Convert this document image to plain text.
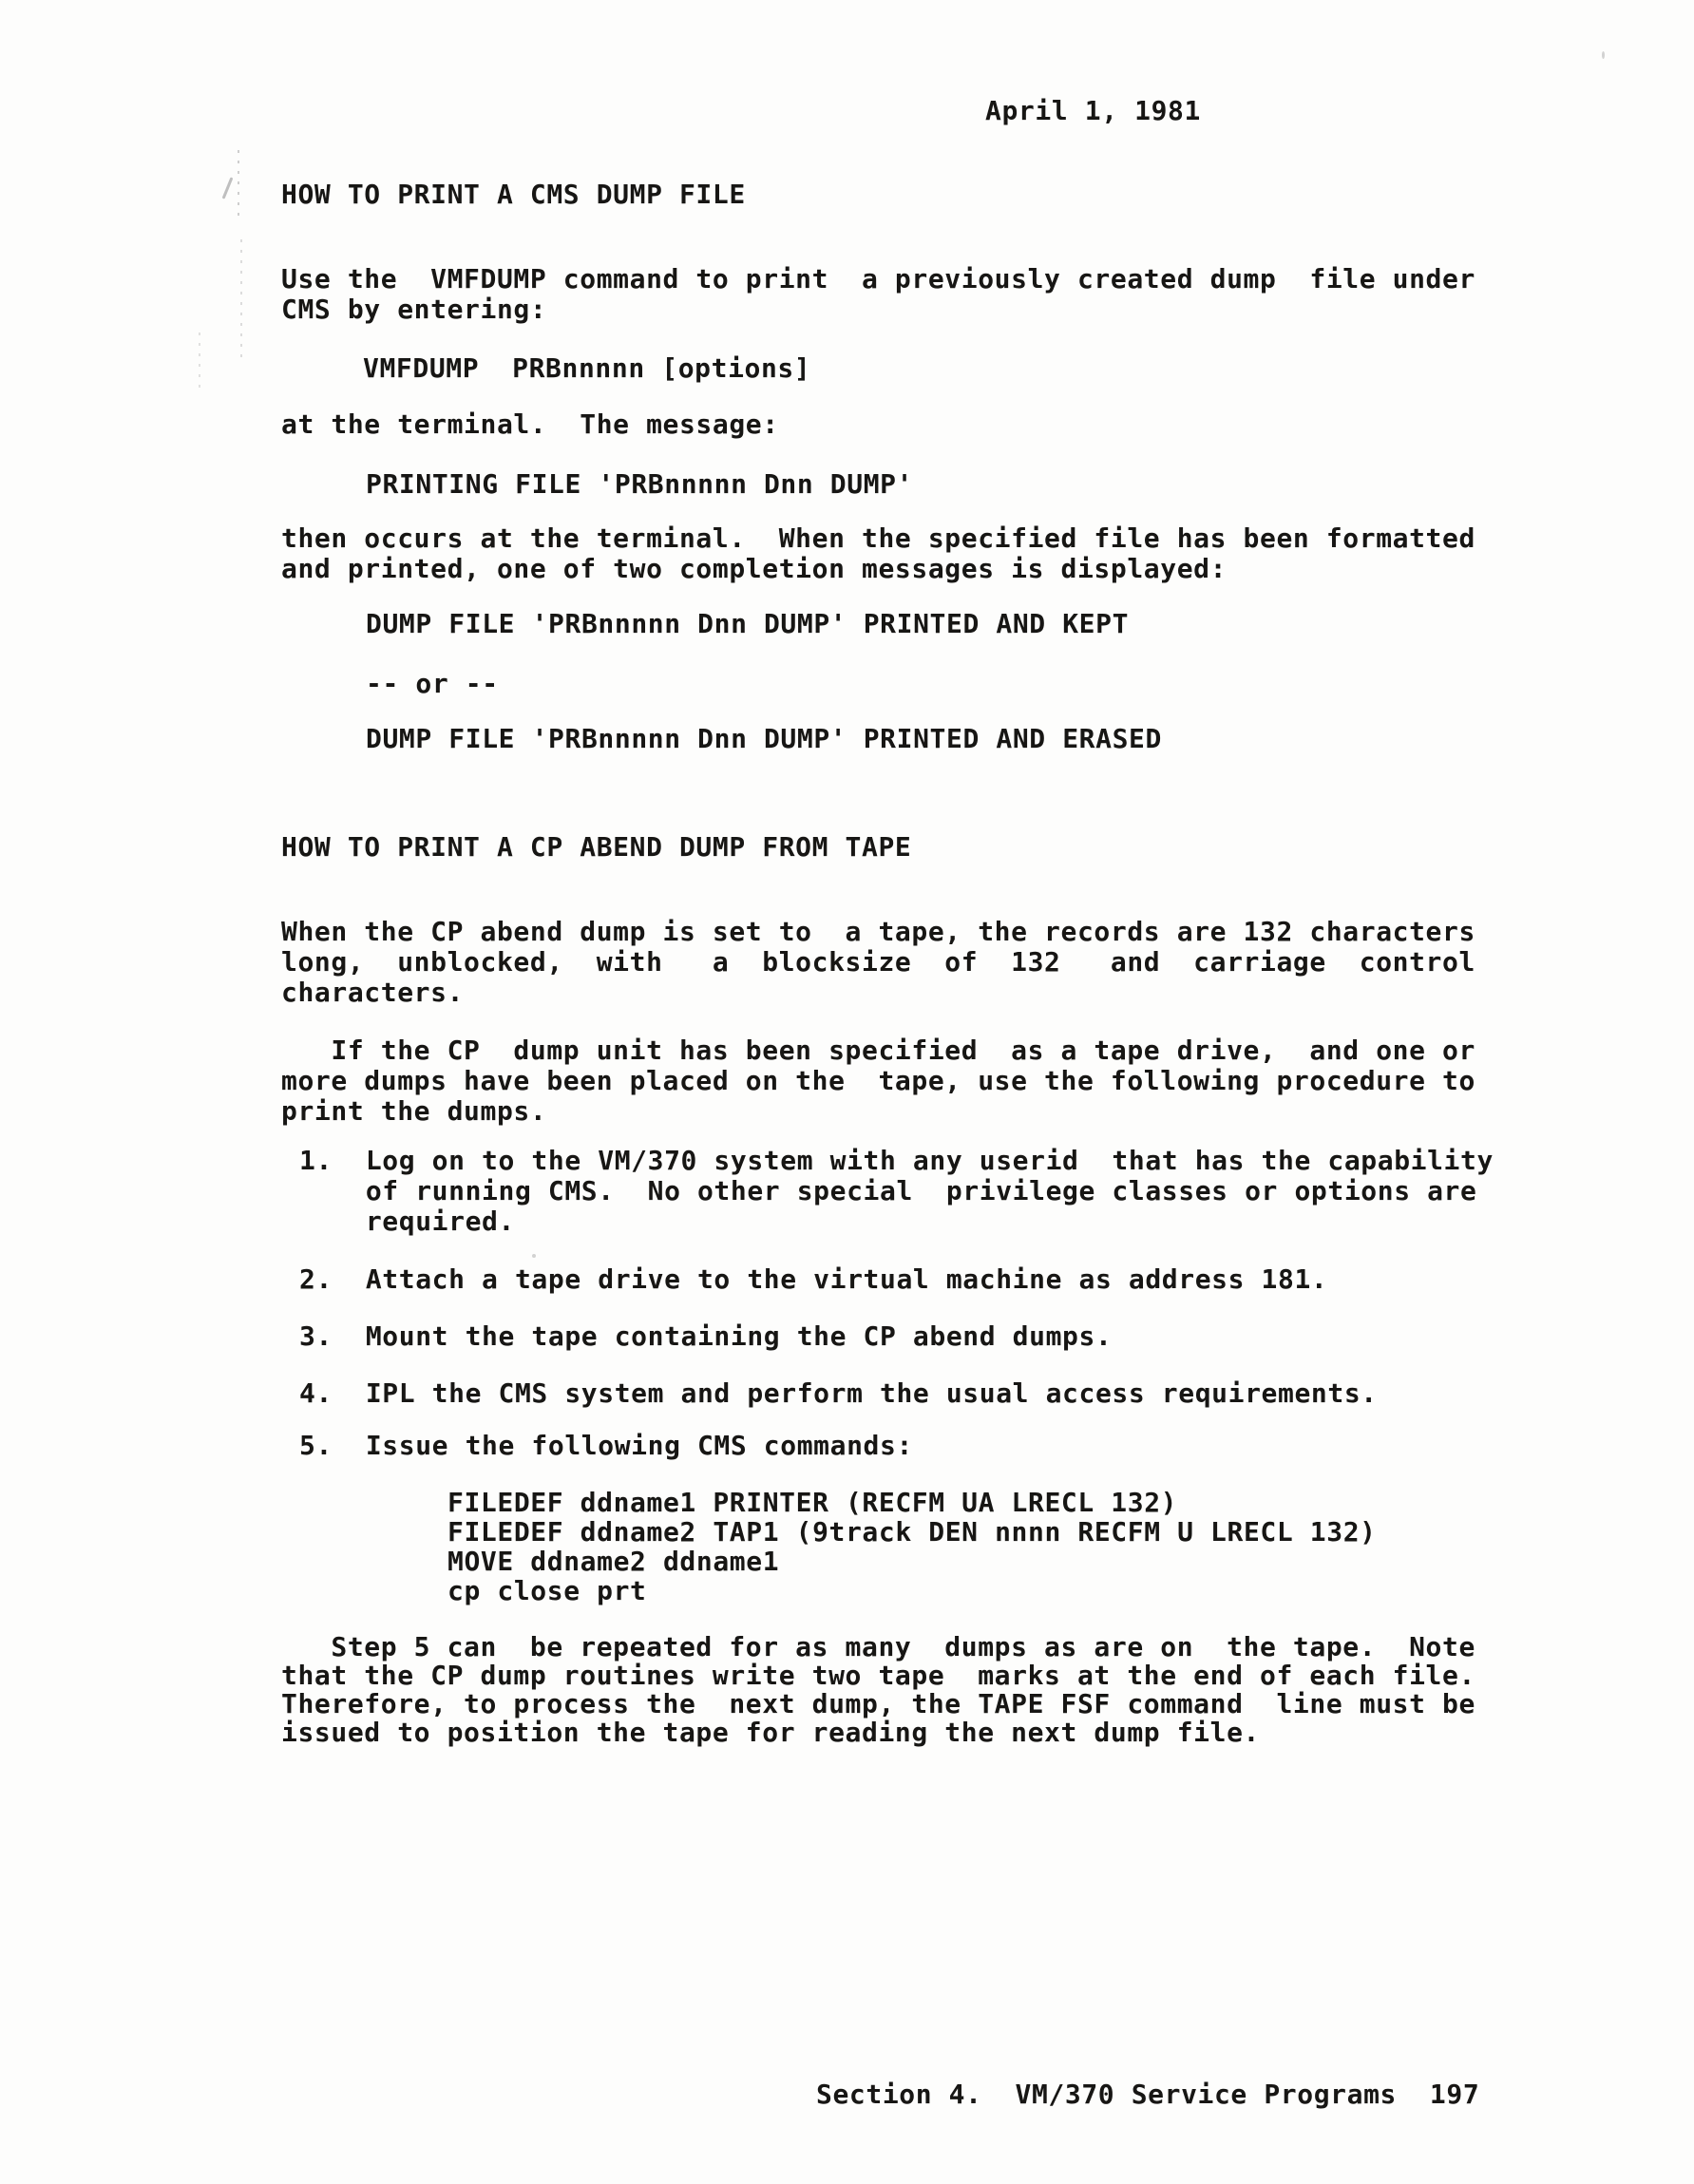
April 1, 1981
HOW TO PRINT A CMS DUMP FILE
Use the  VMFDUMP command to print  a previously created dump  file under
CMS by entering:
VMFDUMP  PRBnnnnn [options]
at the terminal.  The message:
PRINTING FILE 'PRBnnnnn Dnn DUMP'
then occurs at the terminal.  When the specified file has been formatted
and printed, one of two completion messages is displayed:
DUMP FILE 'PRBnnnnn Dnn DUMP' PRINTED AND KEPT
-- or --
DUMP FILE 'PRBnnnnn Dnn DUMP' PRINTED AND ERASED
HOW TO PRINT A CP ABEND DUMP FROM TAPE
When the CP abend dump is set to  a tape, the records are 132 characters
long,  unblocked,  with   a  blocksize  of  132   and  carriage  control
characters.
If the CP  dump unit has been specified  as a tape drive,  and one or
more dumps have been placed on the  tape, use the following procedure to
print the dumps.
1.  Log on to the VM/370 system with any userid  that has the capability
of running CMS.  No other special  privilege classes or options are
required.
2.  Attach a tape drive to the virtual machine as address 181.
3.  Mount the tape containing the CP abend dumps.
4.  IPL the CMS system and perform the usual access requirements.
5.  Issue the following CMS commands:
FILEDEF ddname1 PRINTER (RECFM UA LRECL 132)
FILEDEF ddname2 TAP1 (9track DEN nnnn RECFM U LRECL 132)
MOVE ddname2 ddname1
cp close prt
Step 5 can  be repeated for as many  dumps as are on  the tape.  Note
that the CP dump routines write two tape  marks at the end of each file.
Therefore, to process the  next dump, the TAPE FSF command  line must be
issued to position the tape for reading the next dump file.
Section 4.  VM/370 Service Programs  197
